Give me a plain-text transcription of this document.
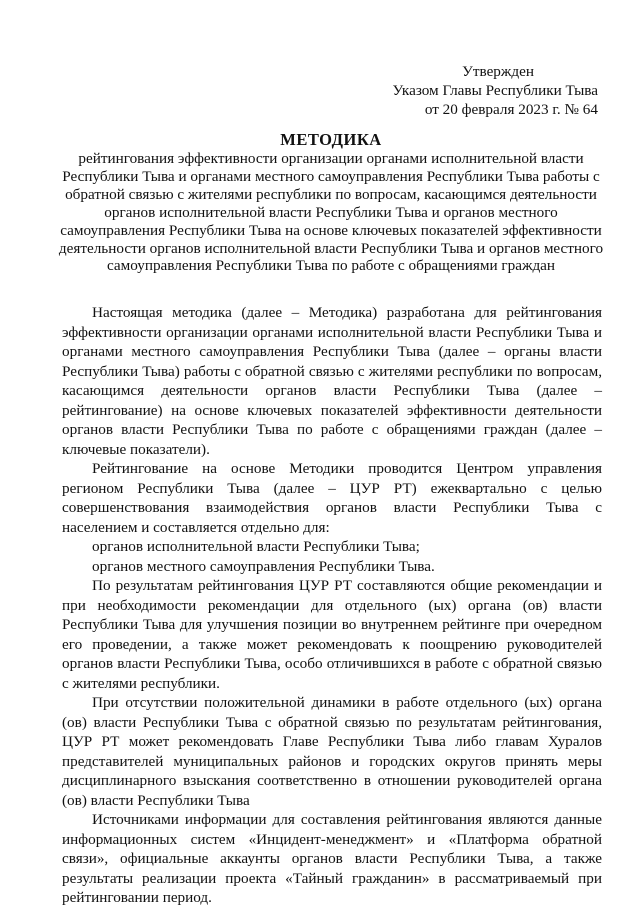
Утвержден
Указом Главы Республики Тыва
от 20 февраля 2023 г. № 64
МЕТОДИКА

рейтингования эффективности организации органами исполнительной власти Республики Тыва и органами местного самоуправления Республики Тыва работы с обратной связью с жителями республики по вопросам, касающимся деятельности органов исполнительной власти Республики Тыва и органов местного самоуправления Республики Тыва на основе ключевых показателей эффективности деятельности органов исполнительной власти Республики Тыва и органов местного самоуправления Республики Тыва по работе с обращениями граждан

Настоящая методика (далее – Методика) разработана для рейтингования эффективности организации органами исполнительной власти Республики Тыва и органами местного самоуправления Республики Тыва (далее – органы власти Республики Тыва) работы с обратной связью с жителями республики по вопросам, касающимся деятельности органов власти Республики Тыва (далее – рейтингование) на основе ключевых показателей эффективности деятельности органов власти Республики Тыва по работе с обращениями граждан (далее – ключевые показатели).

Рейтингование на основе Методики проводится Центром управления регионом Республики Тыва (далее – ЦУР РТ) ежеквартально с целью совершенствования взаимодействия органов власти Республики Тыва с населением и составляется отдельно для:

органов исполнительной власти Республики Тыва;

органов местного самоуправления Республики Тыва.

По результатам рейтингования ЦУР РТ составляются общие рекомендации и при необходимости рекомендации для отдельного (ых) органа (ов) власти Республики Тыва для улучшения позиции во внутреннем рейтинге при очередном его проведении, а также может рекомендовать к поощрению руководителей органов власти Республики Тыва, особо отличившихся в работе с обратной связью с жителями республики.

При отсутствии положительной динамики в работе отдельного (ых) органа (ов) власти Республики Тыва с обратной связью по результатам рейтингования, ЦУР РТ может рекомендовать Главе Республики Тыва либо главам Хуралов представителей муниципальных районов и городских округов принять меры дисциплинарного взыскания соответственно в отношении руководителей органа (ов) власти Республики Тыва

Источниками информации для составления рейтингования являются данные информационных систем «Инцидент-менеджмент» и «Платформа обратной связи», официальные аккаунты органов власти Республики Тыва, а также результаты реализации проекта «Тайный гражданин» в рассматриваемый при рейтинговании период.
